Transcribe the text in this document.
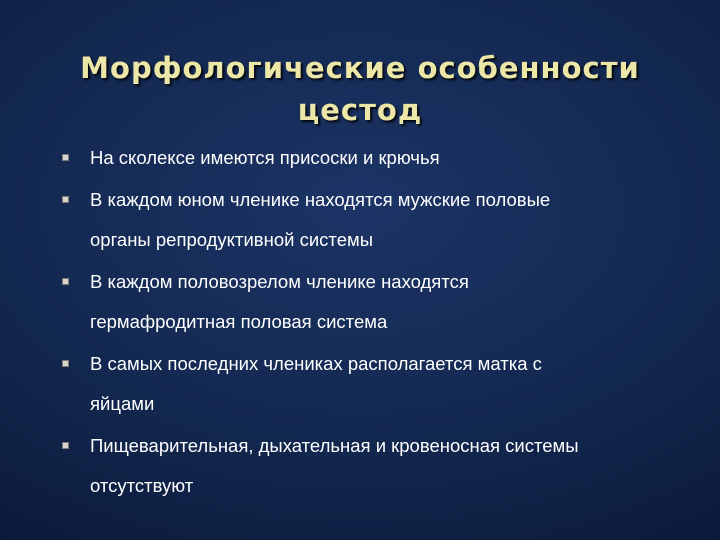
Морфологические особенности
цестод
На сколексе имеются присоски и крючья
В каждом юном членике находятся мужские половые
органы репродуктивной системы
В каждом половозрелом членике находятся
гермафродитная половая система
В самых последних члениках располагается матка с
яйцами
Пищеварительная, дыхательная и кровеносная системы
отсутствуют
